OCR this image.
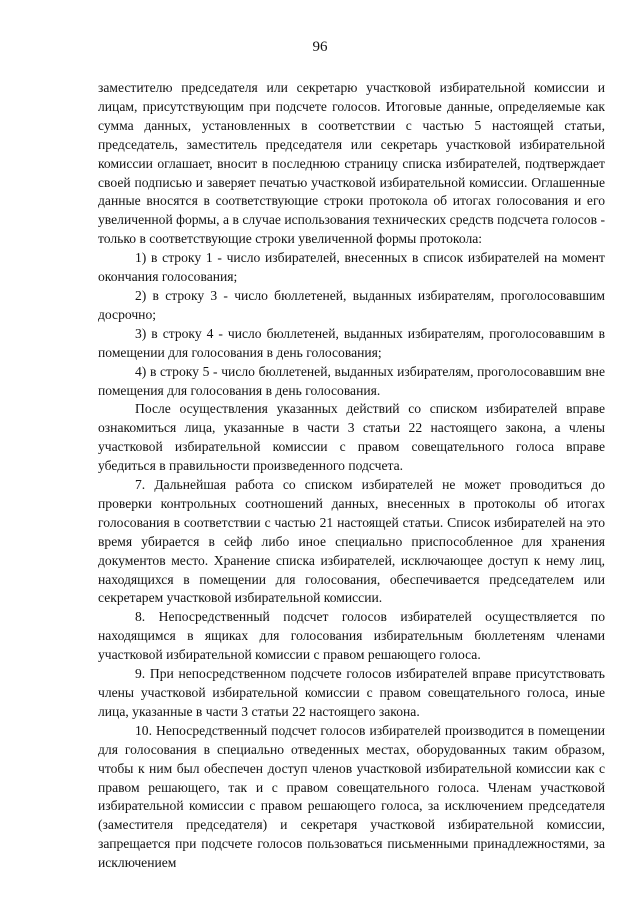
96

заместителю председателя или секретарю участковой избирательной комиссии и лицам, присутствующим при подсчете голосов. Итоговые данные, определяемые как сумма данных, установленных в соответствии с частью 5 настоящей статьи, председатель, заместитель председателя или секретарь участковой избирательной комиссии оглашает, вносит в последнюю страницу списка избирателей, подтверждает своей подписью и заверяет печатью участковой избирательной комиссии. Оглашенные данные вносятся в соответствующие строки протокола об итогах голосования и его увеличенной формы, а в случае использования технических средств подсчета голосов - только в соответствующие строки увеличенной формы протокола:

1) в строку 1 - число избирателей, внесенных в список избирателей на момент окончания голосования;

2) в строку 3 - число бюллетеней, выданных избирателям, проголосовавшим досрочно;

3) в строку 4 - число бюллетеней, выданных избирателям, проголосовавшим в помещении для голосования в день голосования;

4) в строку 5 - число бюллетеней, выданных избирателям, проголосовавшим вне помещения для голосования в день голосования.

После осуществления указанных действий со списком избирателей вправе ознакомиться лица, указанные в части 3 статьи 22 настоящего закона, а члены участковой избирательной комиссии с правом совещательного голоса вправе убедиться в правильности произведенного подсчета.

7. Дальнейшая работа со списком избирателей не может проводиться до проверки контрольных соотношений данных, внесенных в протоколы об итогах голосования в соответствии с частью 21 настоящей статьи. Список избирателей на это время убирается в сейф либо иное специально приспособленное для хранения документов место. Хранение списка избирателей, исключающее доступ к нему лиц, находящихся в помещении для голосования, обеспечивается председателем или секретарем участковой избирательной комиссии.

8. Непосредственный подсчет голосов избирателей осуществляется по находящимся в ящиках для голосования избирательным бюллетеням членами участковой избирательной комиссии с правом решающего голоса.

9. При непосредственном подсчете голосов избирателей вправе присутствовать члены участковой избирательной комиссии с правом совещательного голоса, иные лица, указанные в части 3 статьи 22 настоящего закона.

10. Непосредственный подсчет голосов избирателей производится в помещении для голосования в специально отведенных местах, оборудованных таким образом, чтобы к ним был обеспечен доступ членов участковой избирательной комиссии как с правом решающего, так и с правом совещательного голоса. Членам участковой избирательной комиссии с правом решающего голоса, за исключением председателя (заместителя председателя) и секретаря участковой избирательной комиссии, запрещается при подсчете голосов пользоваться письменными принадлежностями, за исключением
